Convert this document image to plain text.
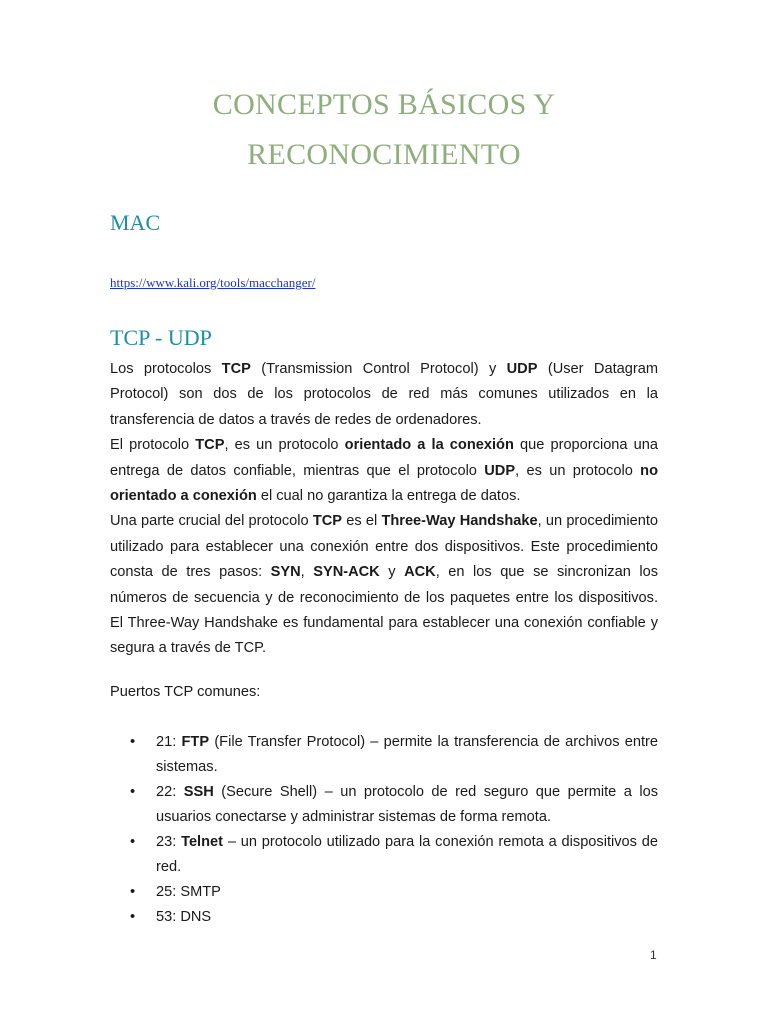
CONCEPTOS BÁSICOS Y
RECONOCIMIENTO
MAC
https://www.kali.org/tools/macchanger/
TCP - UDP

Los protocolos TCP (Transmission Control Protocol) y UDP (User Datagram Protocol) son dos de los protocolos de red más comunes utilizados en la transferencia de datos a través de redes de ordenadores.

El protocolo TCP, es un protocolo orientado a la conexión que proporciona una entrega de datos confiable, mientras que el protocolo UDP, es un protocolo no orientado a conexión el cual no garantiza la entrega de datos.

Una parte crucial del protocolo TCP es el Three-Way Handshake, un procedimiento utilizado para establecer una conexión entre dos dispositivos. Este procedimiento consta de tres pasos: SYN, SYN-ACK y ACK, en los que se sincronizan los números de secuencia y de reconocimiento de los paquetes entre los dispositivos. El Three-Way Handshake es fundamental para establecer una conexión confiable y segura a través de TCP.

Puertos TCP comunes:
• 21: FTP (File Transfer Protocol) – permite la transferencia de archivos entre sistemas.
• 22: SSH (Secure Shell) – un protocolo de red seguro que permite a los usuarios conectarse y administrar sistemas de forma remota.
• 23: Telnet – un protocolo utilizado para la conexión remota a dispositivos de red.
• 25: SMTP
• 53: DNS
1
